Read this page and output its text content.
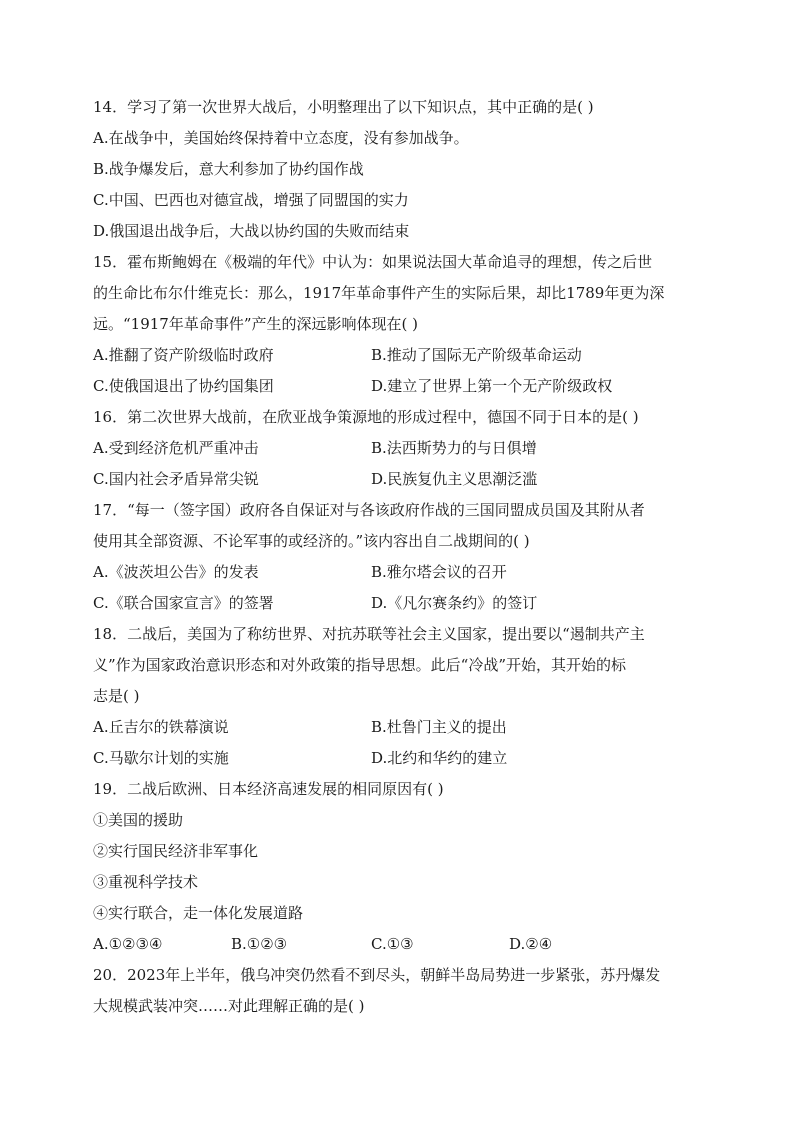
14．学习了第一次世界大战后，小明整理出了以下知识点，其中正确的是( )
A.在战争中，美国始终保持着中立态度，没有参加战争。
B.战争爆发后，意大利参加了协约国作战
C.中国、巴西也对德宣战，增强了同盟国的实力
D.俄国退出战争后，大战以协约国的失败而结束
15．霍布斯鲍姆在《极端的年代》中认为：如果说法国大革命追寻的理想，传之后世
的生命比布尔什维克长：那么，1917年革命事件产生的实际后果，却比1789年更为深
远。“1917年革命事件”产生的深远影响体现在( )
A.推翻了资产阶级临时政府	B.推动了国际无产阶级革命运动
C.使俄国退出了协约国集团	D.建立了世界上第一个无产阶级政权
16．第二次世界大战前，在欣亚战争策源地的形成过程中，德国不同于日本的是( )
A.受到经济危机严重冲击	B.法西斯势力的与日俱增
C.国内社会矛盾异常尖锐	D.民族复仇主义思潮泛滥
17．“每一（签字国）政府各自保证对与各该政府作战的三国同盟成员国及其附从者
使用其全部资源、不论军事的或经济的。”该内容出自二战期间的( )
A.《波茨坦公告》的发表	B.雅尔塔会议的召开
C.《联合国家宣言》的签署	D.《凡尔赛条约》的签订
18．二战后，美国为了称纺世界、对抗苏联等社会主义国家，提出要以“遏制共产主
义”作为国家政治意识形态和对外政策的指导思想。此后“冷战”开始，其开始的标
志是( )
A.丘吉尔的铁幕演说	B.杜鲁门主义的提出
C.马歇尔计划的实施	D.北约和华约的建立
19．二战后欧洲、日本经济高速发展的相同原因有( )
①美国的援助
②实行国民经济非军事化
③重视科学技术
④实行联合，走一体化发展道路
A.①②③④	B.①②③	C.①③	D.②④
20．2023年上半年，俄乌冲突仍然看不到尽头，朝鲜半岛局势进一步紧张，苏丹爆发
大规模武装冲突……对此理解正确的是( )
